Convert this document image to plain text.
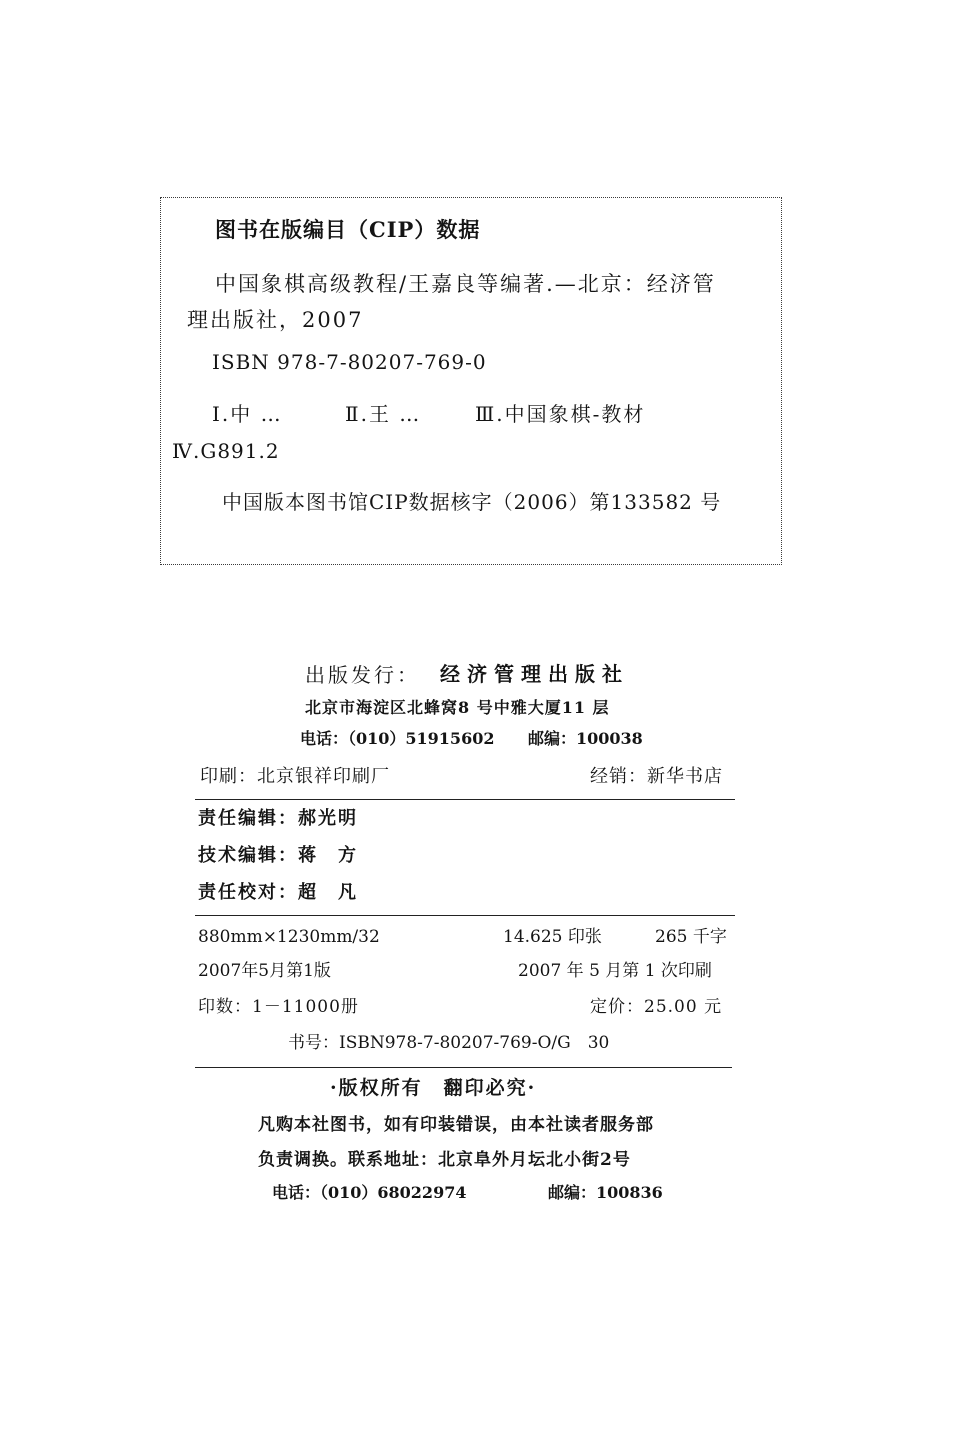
图书在版编目（CIP）数据
中国象棋高级教程/王嘉良等编著.—北京：经济管
理出版社，2007
ISBN 978-7-80207-769-0
Ⅰ.中 …	Ⅱ.王 …	Ⅲ.中国象棋-教材
Ⅳ.G891.2
中国版本图书馆CIP数据核字（2006）第133582 号
出版发行： 经济管理出版社
北京市海淀区北蜂窝8 号中雅大厦11 层
电话：（010）51915602 邮编：100038
印刷：北京银祥印刷厂	经销：新华书店
责任编辑：郝光明
技术编辑：蒋　方
责任校对：超　凡
880mm×1230mm/32	14.625 印张	265 千字
2007年5月第1版	2007 年 5 月第 1 次印刷
印数：1－11000册	定价：25.00 元
书号：ISBN978-7-80207-769-O/G　30
·版权所有　翻印必究·
凡购本社图书，如有印装错误，由本社读者服务部
负责调换。联系地址：北京阜外月坛北小街2号
电话：（010）68022974	邮编：100836
